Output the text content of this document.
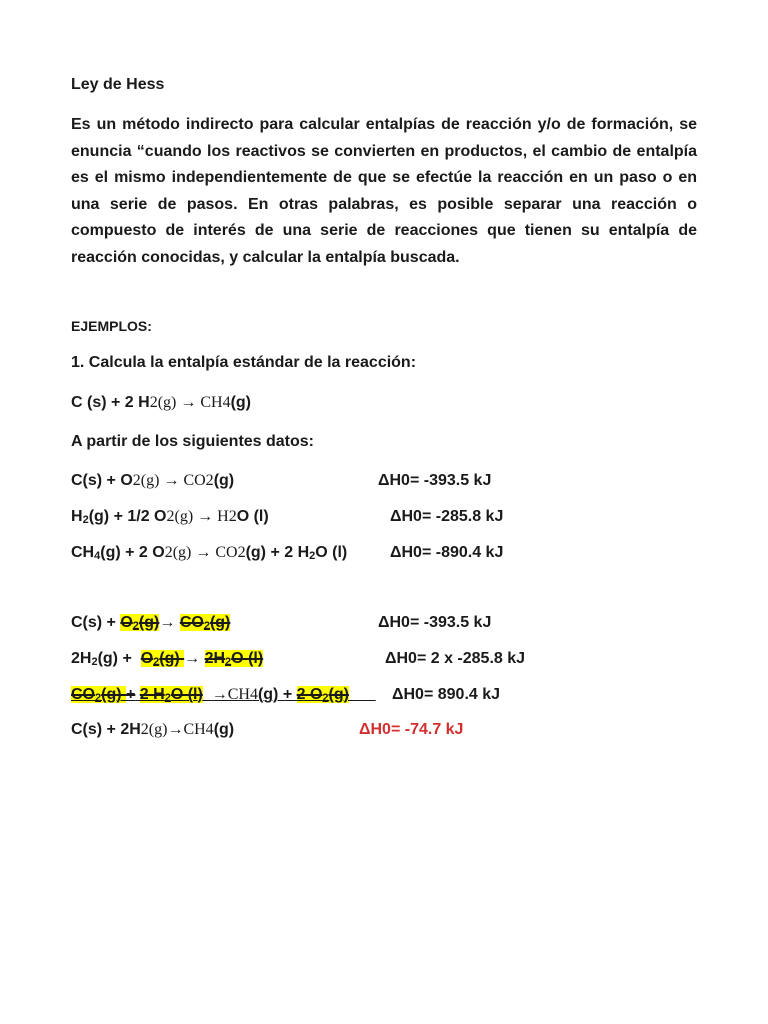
Ley de Hess
Es un método indirecto para calcular entalpías de reacción y/o de formación, se enuncia “cuando los reactivos se convierten en productos, el cambio de entalpía es el mismo independientemente de que se efectúe la reacción en un paso o en una serie de pasos. En otras palabras, es posible separar una reacción o compuesto de interés de una serie de reacciones que tienen su entalpía de reacción conocidas, y calcular la entalpía buscada.
EJEMPLOS:
1. Calcula la entalpía estándar de la reacción:
C (s) + 2 H2(g) → CH4(g)
A partir de los siguientes datos:
C(s) + O2(g) → CO2(g)	ΔH0= -393.5 kJ
H2(g) + 1/2 O2(g) → H2O (l)	ΔH0= -285.8 kJ
CH4(g) + 2 O2(g) → CO2(g) + 2 H2O (l)	ΔH0= -890.4 kJ
C(s) + O2(g)→ CO2(g)	ΔH0= -393.5 kJ
2H2(g) +  O2(g) → 2H2O (l)	ΔH0= 2 x -285.8 kJ
CO2(g) + 2 H2O (l) →CH4(g) + 2 O2(g)	ΔH0= 890.4 kJ
C(s) + 2H2(g)→CH4(g)	ΔH0= -74.7 kJ
